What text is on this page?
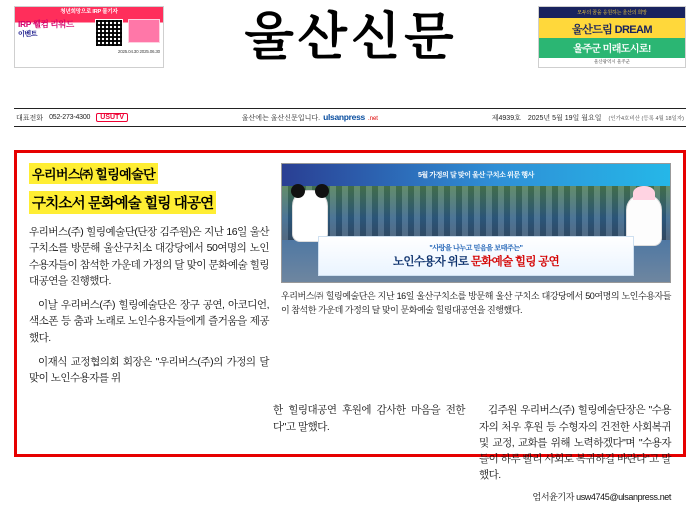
청년희망으로 IRP 몰기자
IRP 웰컴 리워드
이벤트
2025.04.30 2025.06.30	울산신문	모두의 꿈을 응원하는 울산의 희망
울산드림 DREAM
울주군 미래도시로!
울산광역시 울주군
대표전화 052-273-4300	USUTV	울산에는 울산신문입니다. ulsanpress .net	제4939호 2025년 5월 19일 월요일 (인가4호비산 (등록 4월 18일자)
우리버스㈜ 힐링예술단
구치소서 문화예술 힐링 대공연

우리버스(주) 힐링예술단(단장 김주원)은 지난 16일 울산구치소를 방문해 울산구치소 대강당에서 50여명의 노인수용자들이 참석한 가운데 가정의 달 맞이 문화예술 힐링대공연을 진행했다.

이날 우리버스(주) 힐링예술단은 장구 공연, 아코디언, 색소폰 등 춤과 노래로 노인수용자들에게 즐거움을 제공했다.

이재식 교정협의회 회장은 "우리버스(주)의 가정의 달 맞이 노인수용자를 위

5월 가정의 달 맞이 울산 구치소 위문 행사
"사랑을 나누고 믿음을 보태주는"
노인수용자 위로 문화예술 힐링 공연
우리버스㈜ 힐링예술단은 지난 16일 울산구치소를 방문해 울산 구치소 대강당에서 50여명의 노인수용자들이 참석한 가운데 가정의 달 맞이 문화예술 힐링대공연을 진행했다.

한 힐링대공연 후원에 감사한 마음을 전한다"고 말했다.

김주원 우리버스(주) 힐링예술단장은 "수용자의 처우 후원 등 수형자의 건전한 사회복귀 및 교정, 교화를 위해 노력하겠다"며 "수용자들이 하루 빨리 사회로 복귀하길 바란다"고 말했다.

엄서윤기자 usw4745@ulsanpress.net
